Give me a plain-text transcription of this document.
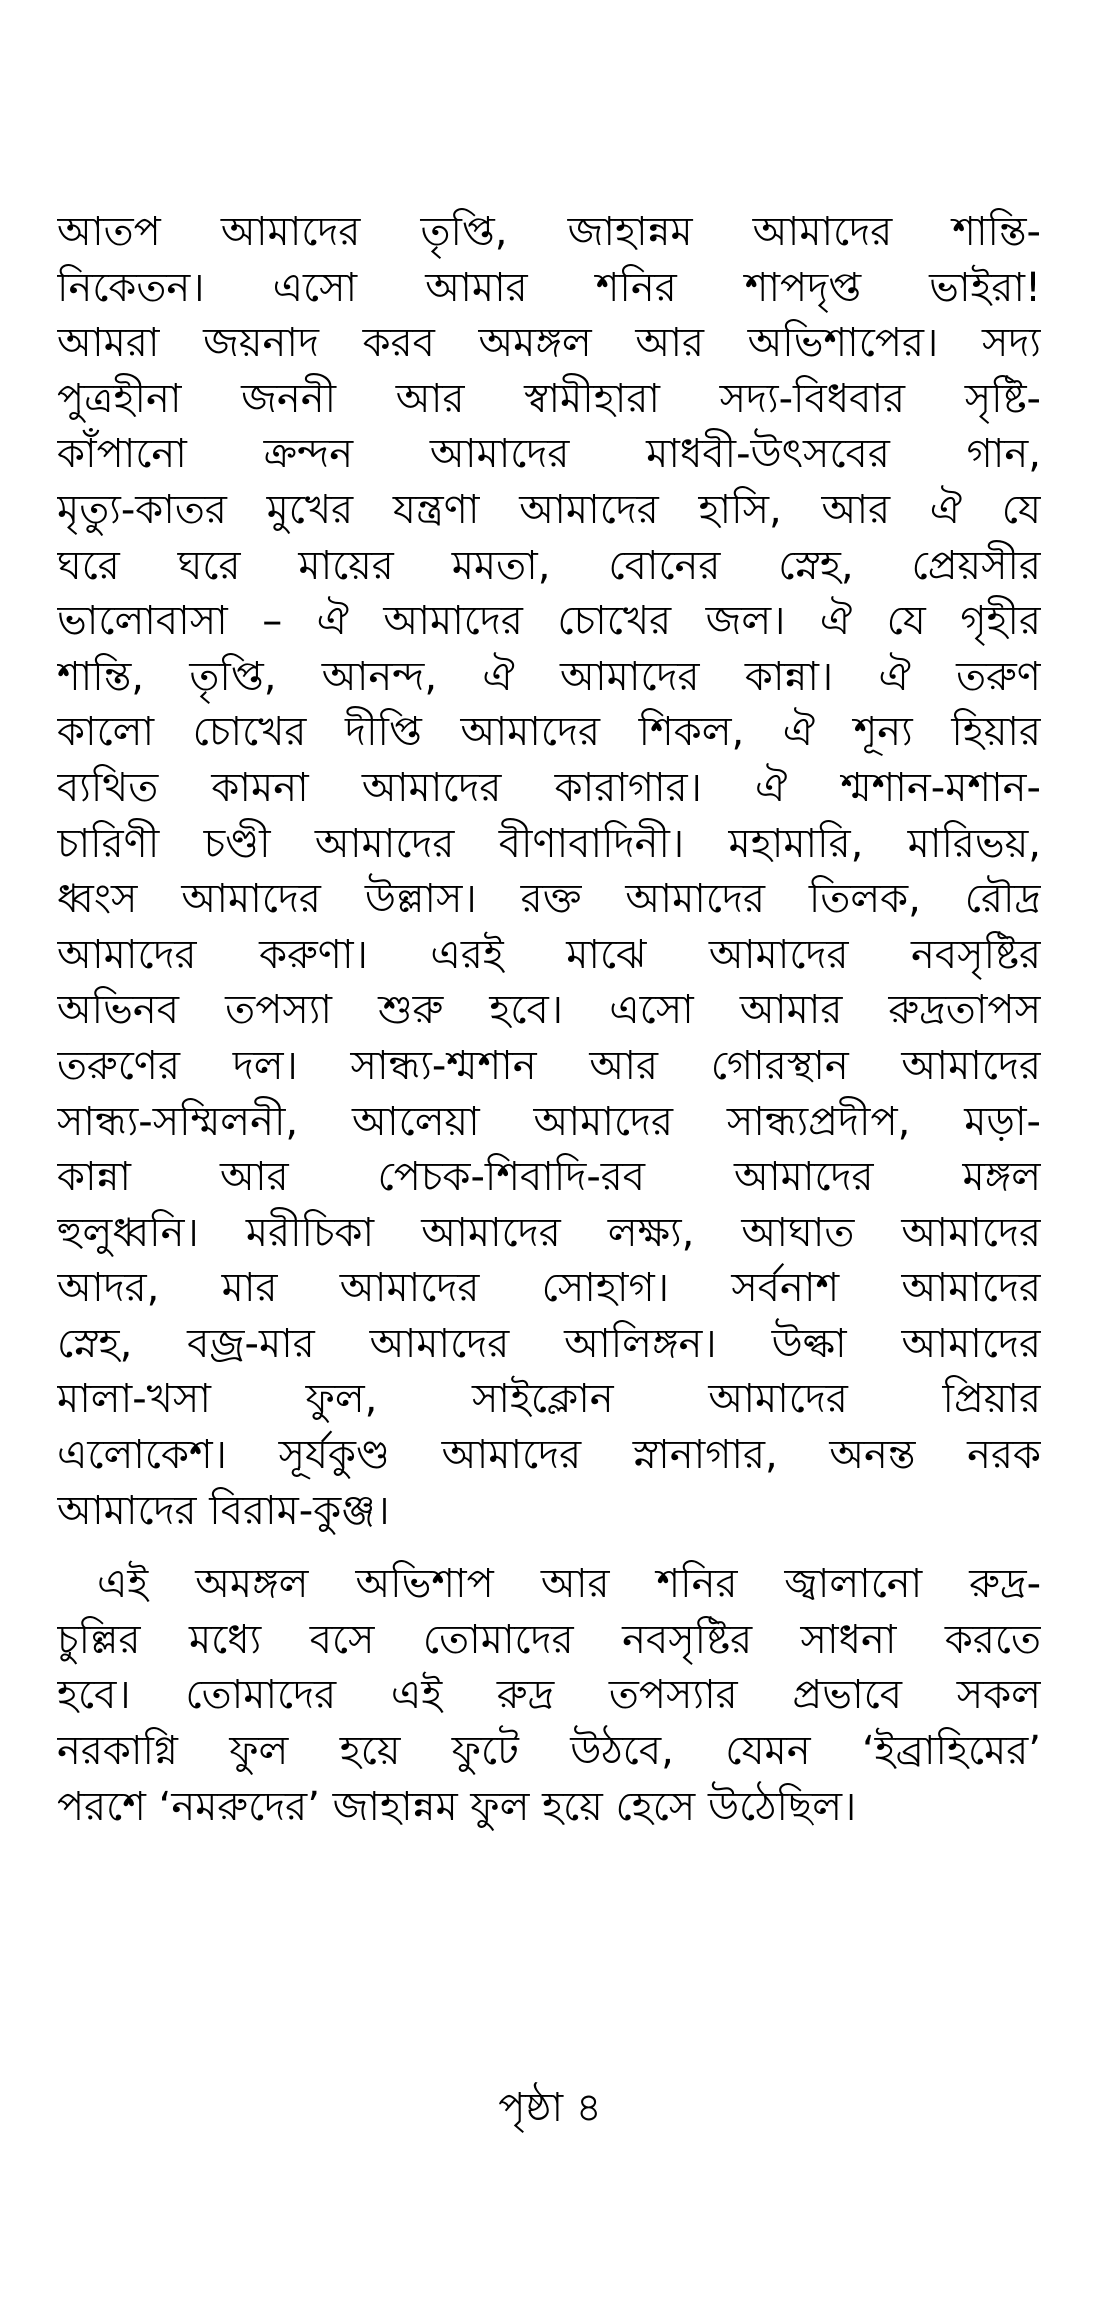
আতপ আমাদের তৃপ্তি, জাহান্নম আমাদের শান্তি-
নিকেতন। এসো আমার শনির শাপদৃপ্ত ভাইরা!
আমরা জয়নাদ করব অমঙ্গল আর অভিশাপের। সদ্য
পুত্রহীনা জননী আর স্বামীহারা সদ্য-বিধবার সৃষ্টি-
কাঁপানো ক্রন্দন আমাদের মাধবী-উৎসবের গান,
মৃত্যু-কাতর মুখের যন্ত্রণা আমাদের হাসি, আর ঐ যে
ঘরে ঘরে মায়ের মমতা, বোনের স্নেহ, প্রেয়সীর
ভালোবাসা – ঐ আমাদের চোখের জল। ঐ যে গৃহীর
শান্তি, তৃপ্তি, আনন্দ, ঐ আমাদের কান্না। ঐ তরুণ
কালো চোখের দীপ্তি আমাদের শিকল, ঐ শূন্য হিয়ার
ব্যথিত কামনা আমাদের কারাগার। ঐ শ্মশান-মশান-
চারিণী চণ্ডী আমাদের বীণাবাদিনী। মহামারি, মারিভয়,
ধ্বংস আমাদের উল্লাস। রক্ত আমাদের তিলক, রৌদ্র
আমাদের করুণা। এরই মাঝে আমাদের নবসৃষ্টির
অভিনব তপস্যা শুরু হবে। এসো আমার রুদ্রতাপস
তরুণের দল। সান্ধ্য-শ্মশান আর গোরস্থান আমাদের
সান্ধ্য-সম্মিলনী, আলেয়া আমাদের সান্ধ্যপ্রদীপ, মড়া-
কান্না আর পেচক-শিবাদি-রব আমাদের মঙ্গল
হুলুধ্বনি। মরীচিকা আমাদের লক্ষ্য, আঘাত আমাদের
আদর, মার আমাদের সোহাগ। সর্বনাশ আমাদের
স্নেহ, বজ্র-মার আমাদের আলিঙ্গন। উল্কা আমাদের
মালা-খসা ফুল, সাইক্লোন আমাদের প্রিয়ার
এলোকেশ। সূর্যকুণ্ড আমাদের স্নানাগার, অনন্ত নরক
আমাদের বিরাম-কুঞ্জ।

এই অমঙ্গল অভিশাপ আর শনির জ্বালানো রুদ্র-
চুল্লির মধ্যে বসে তোমাদের নবসৃষ্টির সাধনা করতে
হবে। তোমাদের এই রুদ্র তপস্যার প্রভাবে সকল
নরকাগ্নি ফুল হয়ে ফুটে উঠবে, যেমন ‘ইব্রাহিমের’
পরশে ‘নমরুদের’ জাহান্নম ফুল হয়ে হেসে উঠেছিল।

পৃষ্ঠা ৪
